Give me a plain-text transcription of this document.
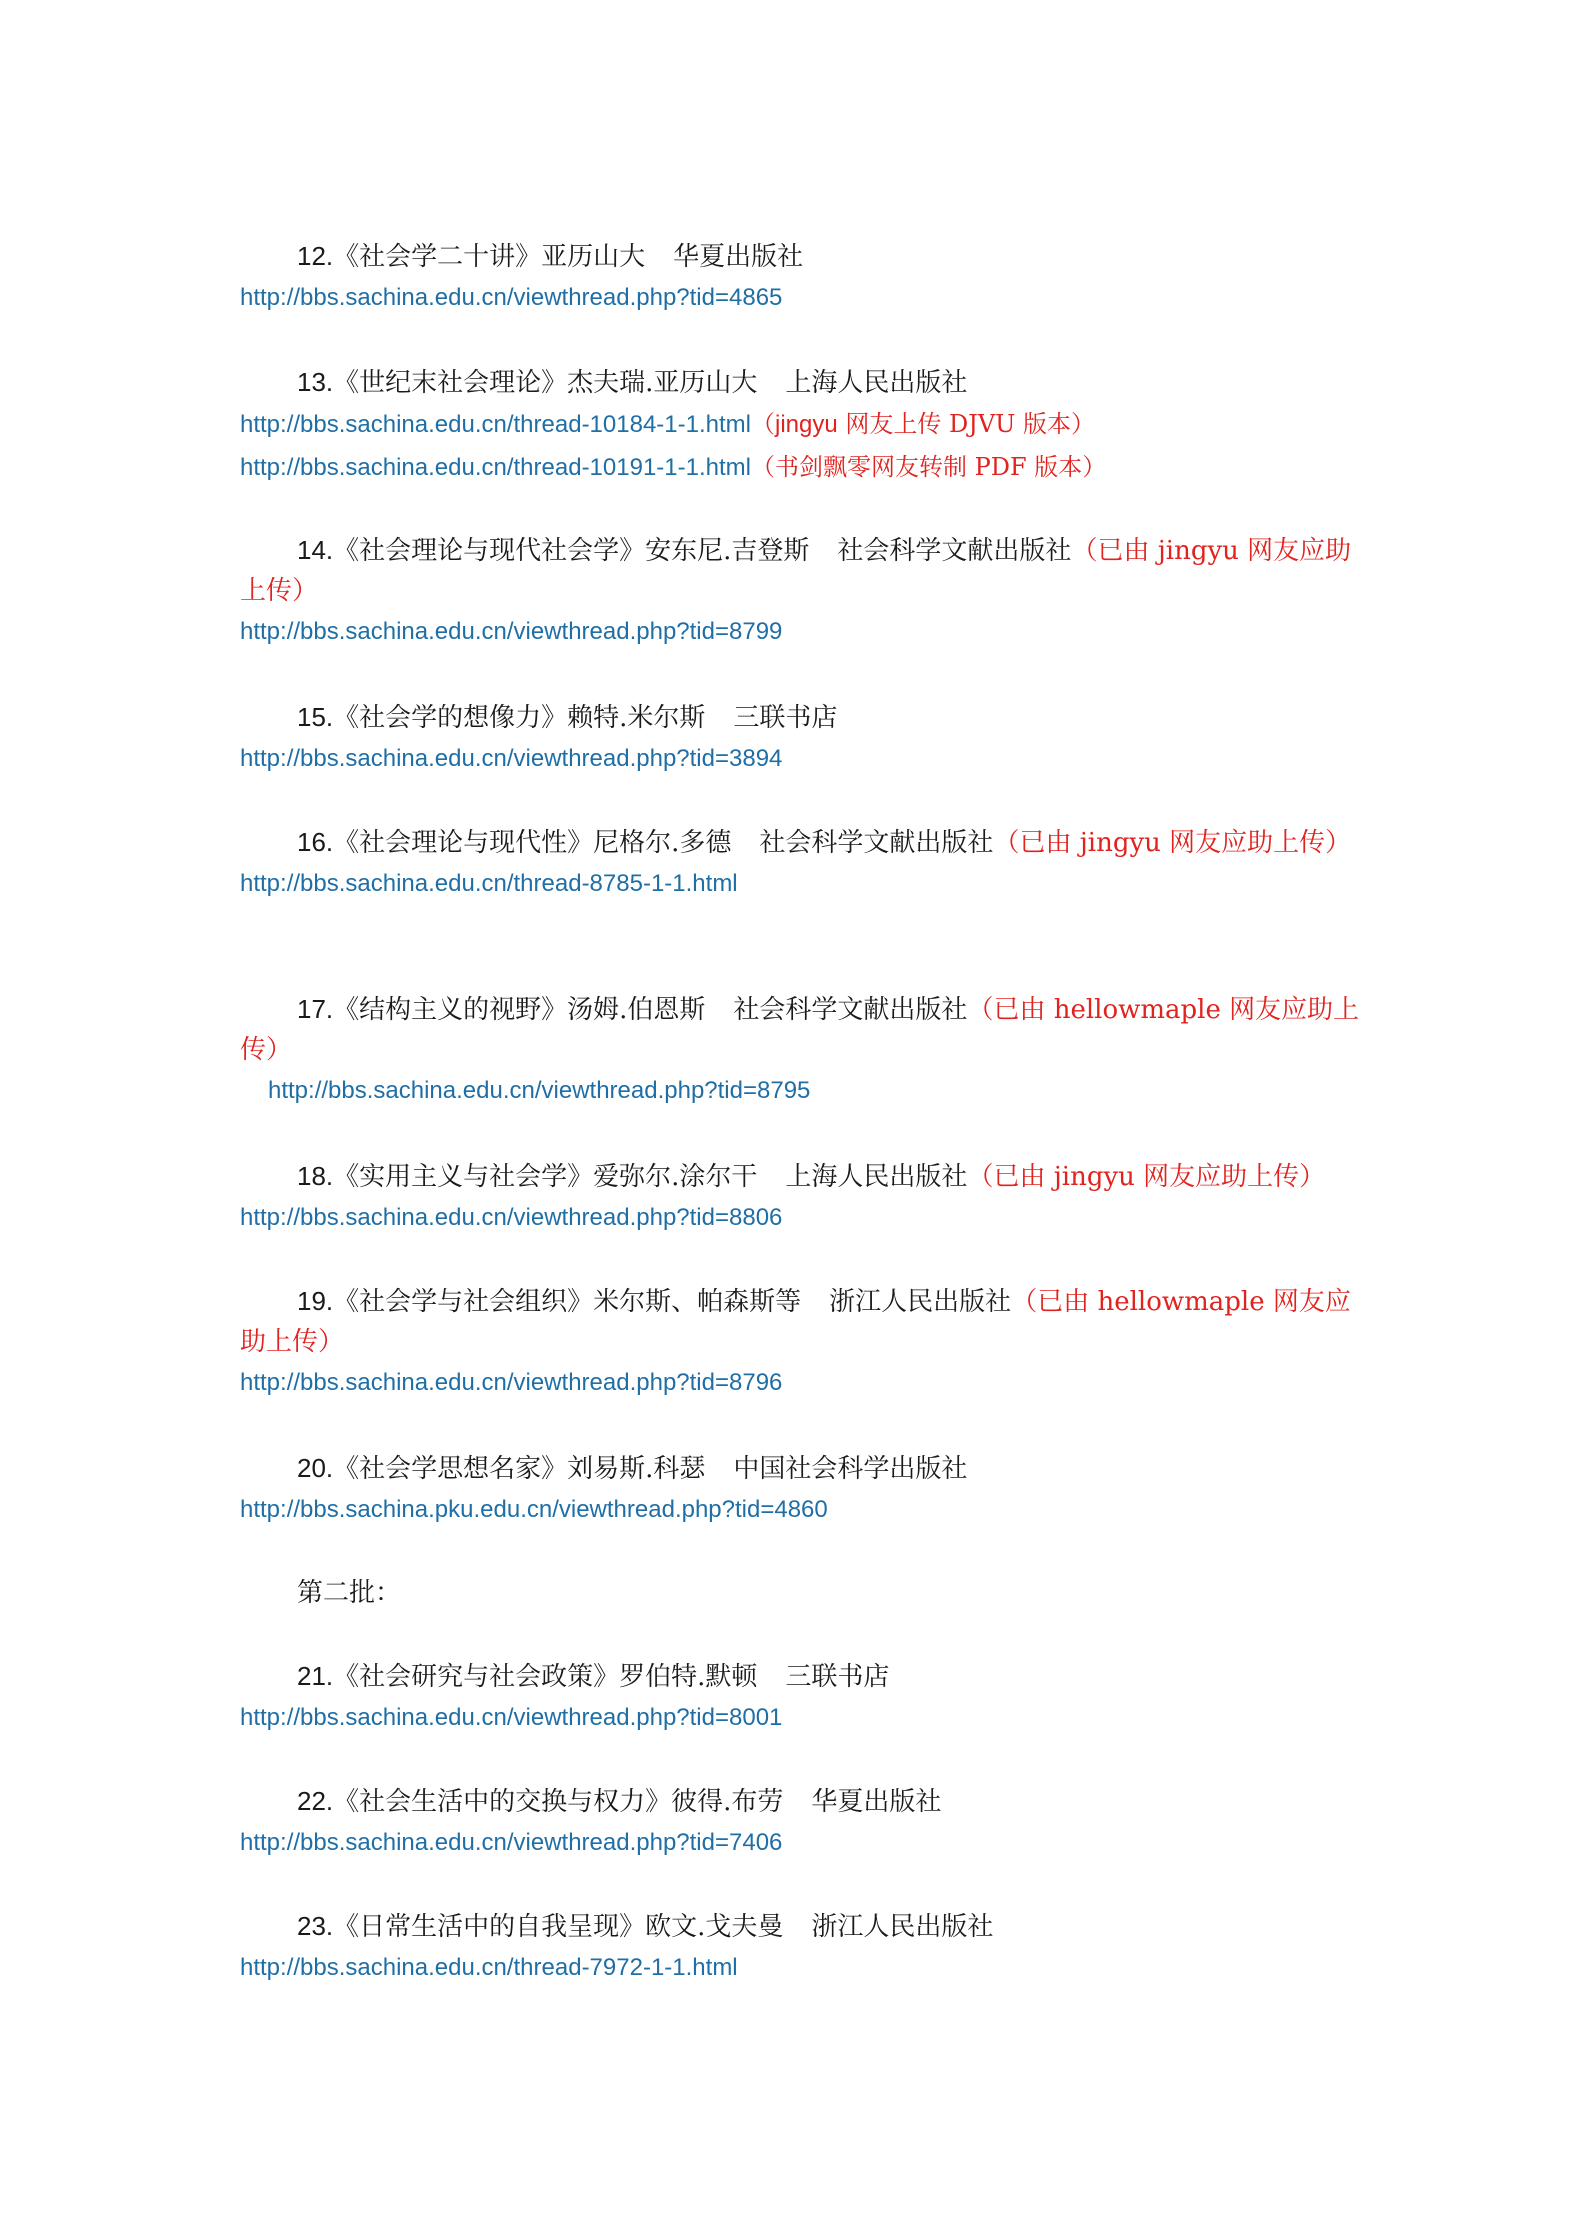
12.《社会学二十讲》亚历山大 华夏出版社
http://bbs.sachina.edu.cn/viewthread.php?tid=4865
13.《世纪末社会理论》杰夫瑞.亚历山大 上海人民出版社
http://bbs.sachina.edu.cn/thread-10184-1-1.html（jingyu 网友上传 DJVU 版本）
http://bbs.sachina.edu.cn/thread-10191-1-1.html（书剑飘零网友转制 PDF 版本）
14.《社会理论与现代社会学》安东尼.吉登斯 社会科学文献出版社（已由 jingyu 网友应助上传）
http://bbs.sachina.edu.cn/viewthread.php?tid=8799
15.《社会学的想像力》赖特.米尔斯 三联书店
http://bbs.sachina.edu.cn/viewthread.php?tid=3894
16.《社会理论与现代性》尼格尔.多德 社会科学文献出版社（已由 jingyu 网友应助上传）
http://bbs.sachina.edu.cn/thread-8785-1-1.html
17.《结构主义的视野》汤姆.伯恩斯 社会科学文献出版社（已由 hellowmaple 网友应助上传）
http://bbs.sachina.edu.cn/viewthread.php?tid=8795
18.《实用主义与社会学》爱弥尔.涂尔干 上海人民出版社（已由 jingyu 网友应助上传）
http://bbs.sachina.edu.cn/viewthread.php?tid=8806
19.《社会学与社会组织》米尔斯、帕森斯等 浙江人民出版社（已由 hellowmaple 网友应助上传）
http://bbs.sachina.edu.cn/viewthread.php?tid=8796
20.《社会学思想名家》刘易斯.科瑟 中国社会科学出版社
http://bbs.sachina.pku.edu.cn/viewthread.php?tid=4860
第二批：
21.《社会研究与社会政策》罗伯特.默顿 三联书店
http://bbs.sachina.edu.cn/viewthread.php?tid=8001
22.《社会生活中的交换与权力》彼得.布劳 华夏出版社
http://bbs.sachina.edu.cn/viewthread.php?tid=7406
23.《日常生活中的自我呈现》欧文.戈夫曼 浙江人民出版社
http://bbs.sachina.edu.cn/thread-7972-1-1.html
